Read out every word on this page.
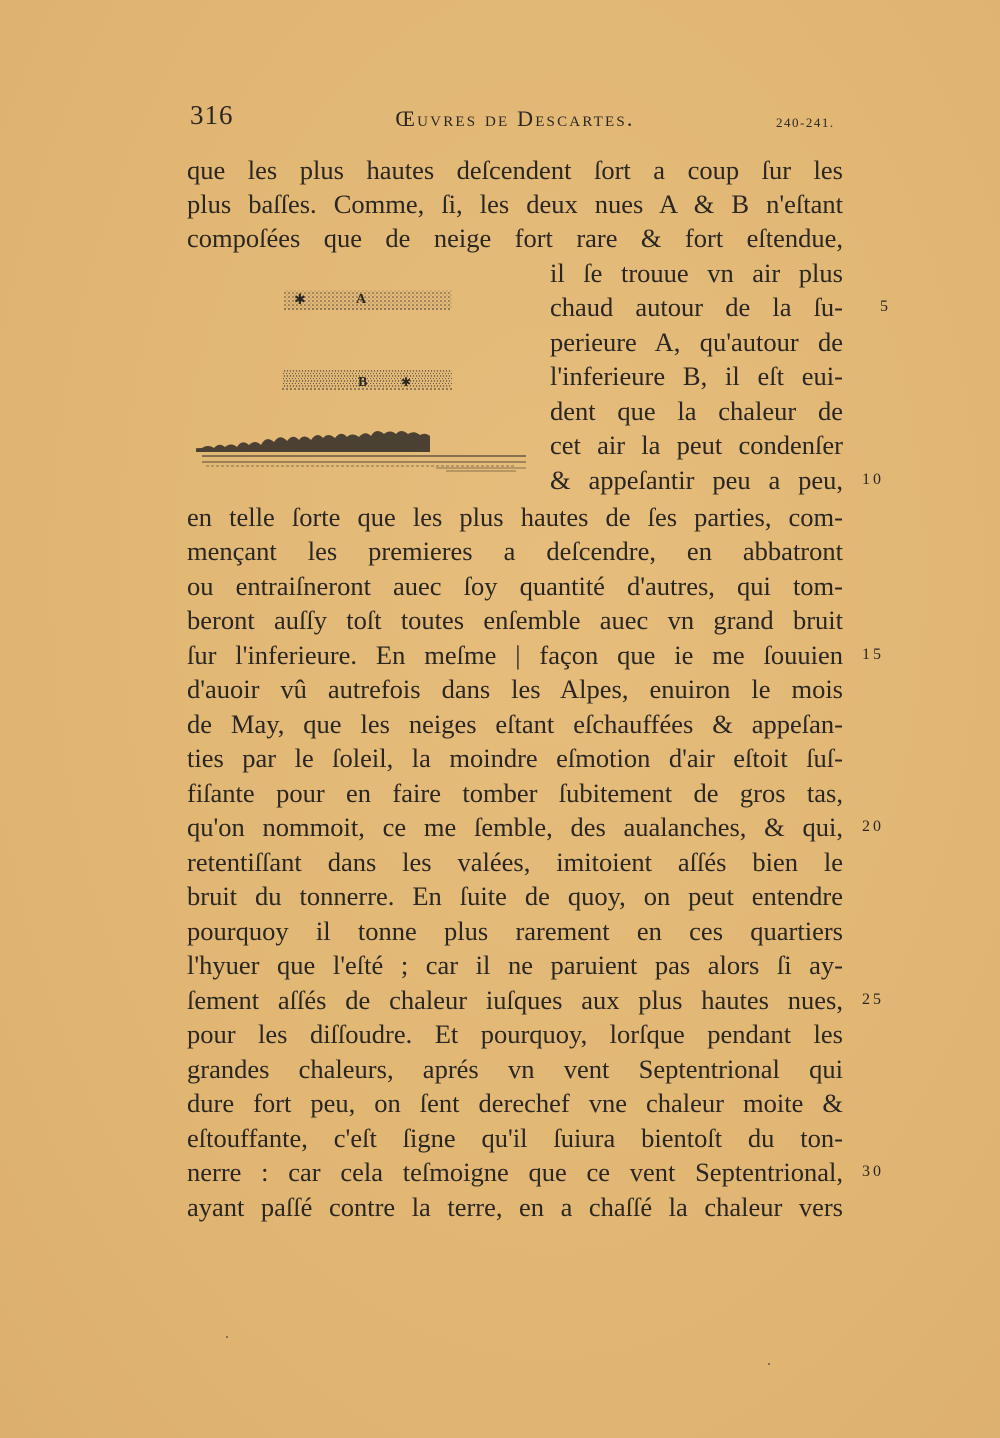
316	Œuvres de Descartes.	240-241.
✱	A
B	✱
que les plus hautes deſcendent ſort a coup ſur les
plus baſſes. Comme, ſi, les deux nues A & B n'eſtant
compoſées que de neige fort rare & fort eſtendue,
il ſe trouue vn air plus
chaud autour de la ſu-
perieure A, qu'autour de
l'inferieure B, il eſt eui-
dent que la chaleur de
cet air la peut condenſer
& appeſantir peu a peu,
en telle ſorte que les plus hautes de ſes parties, com-
mençant les premieres a deſcendre, en abbatront
ou entraiſneront auec ſoy quantité d'autres, qui tom-
beront auſſy toſt toutes enſemble auec vn grand bruit
ſur l'inferieure. En meſme | façon que ie me ſouuien
d'auoir vû autrefois dans les Alpes, enuiron le mois
de May, que les neiges eſtant eſchauffées & appeſan-
ties par le ſoleil, la moindre eſmotion d'air eſtoit ſuſ-
fiſante pour en faire tomber ſubitement de gros tas,
qu'on nommoit, ce me ſemble, des aualanches, & qui,
retentiſſant dans les valées, imitoient aſſés bien le
bruit du tonnerre. En ſuite de quoy, on peut entendre
pourquoy il tonne plus rarement en ces quartiers
l'hyuer que l'eſté ; car il ne paruient pas alors ſi ay-
ſement aſſés de chaleur iuſques aux plus hautes nues,
pour les diſſoudre. Et pourquoy, lorſque pendant les
grandes chaleurs, aprés vn vent Septentrional qui
dure fort peu, on ſent derechef vne chaleur moite &
eſtouffante, c'eſt ſigne qu'il ſuiura bientoſt du ton-
nerre : car cela teſmoigne que ce vent Septentrional,
ayant paſſé contre la terre, en a chaſſé la chaleur vers
5
10
15
20
25
30
